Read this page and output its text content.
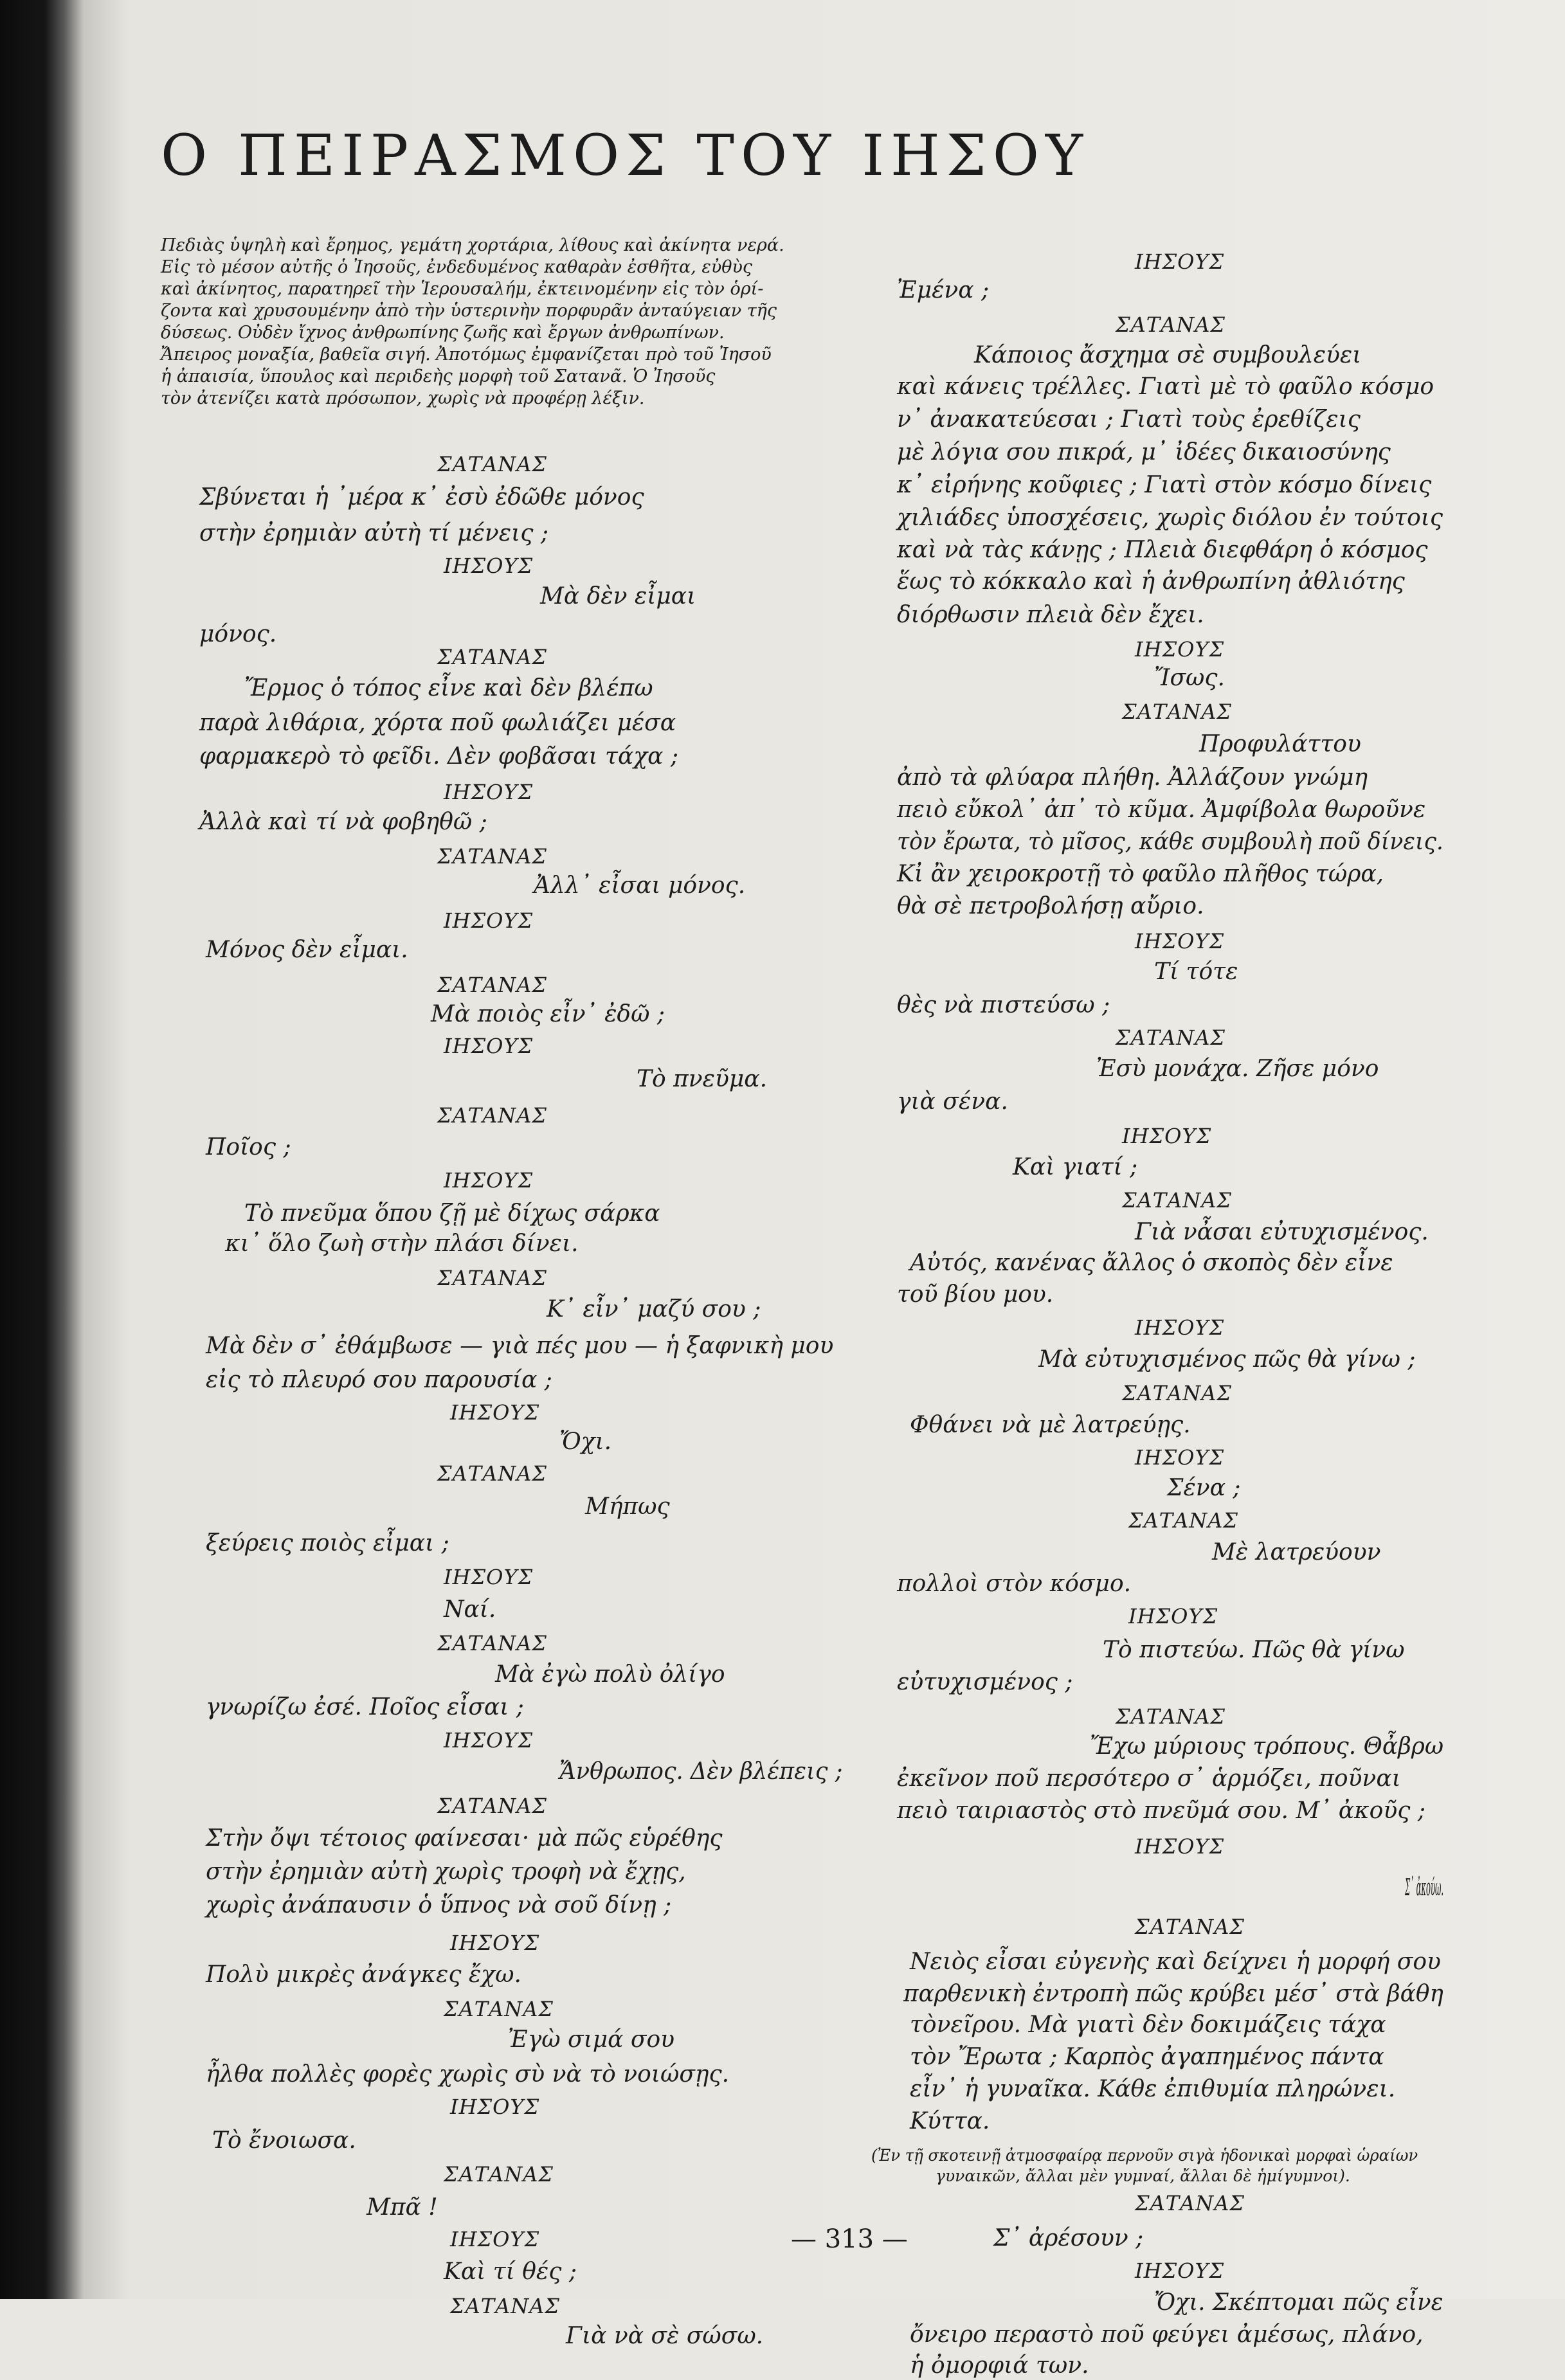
Ο ΠΕΙΡΑΣΜΟΣ ΤΟΥ ΙΗΣΟΥ
Πεδιὰς ὑψηλὴ καὶ ἔρημος, γεμάτη χορτάρια, λίθους καὶ ἀκίνητα νερά.
Εἰς τὸ μέσον αὐτῆς ὁ Ἰησοῦς, ἐνδεδυμένος καθαρὰν ἐσθῆτα, εὐθὺς
καὶ ἀκίνητος, παρατηρεῖ τὴν Ἱερουσαλήμ, ἐκτεινομένην εἰς τὸν ὁρί-
ζοντα καὶ χρυσουμένην ἀπὸ τὴν ὑστερινὴν πορφυρᾶν ἀνταύγειαν τῆς
δύσεως. Οὐδὲν ἴχνος ἀνθρωπίνης ζωῆς καὶ ἔργων ἀνθρωπίνων.
Ἄπειρος μοναξία, βαθεῖα σιγή. Ἀποτόμως ἐμφανίζεται πρὸ τοῦ Ἰησοῦ
ἡ ἀπαισία, ὕπουλος καὶ περιδεὴς μορφὴ τοῦ Σατανᾶ. Ὁ Ἰησοῦς
τὸν ἀτενίζει κατὰ πρόσωπον, χωρὶς νὰ προφέρῃ λέξιν.
ΣΑΤΑΝΑΣ
Σβύνεται ἡ ᾽μέρα κ᾽ ἐσὺ ἐδῶθε μόνος
στὴν ἐρημιὰν αὐτὴ τί μένεις ;
ΙΗΣΟΥΣ
Μὰ δὲν εἶμαι
μόνος.
ΣΑΤΑΝΑΣ
Ἔρμος ὁ τόπος εἶνε καὶ δὲν βλέπω
παρὰ λιθάρια, χόρτα ποῦ φωλιάζει μέσα
φαρμακερὸ τὸ φεῖδι. Δὲν φοβᾶσαι τάχα ;
ΙΗΣΟΥΣ
Ἀλλὰ καὶ τί νὰ φοβηθῶ ;
ΣΑΤΑΝΑΣ
Ἀλλ᾽ εἶσαι μόνος.
ΙΗΣΟΥΣ
Μόνος δὲν εἶμαι.
ΣΑΤΑΝΑΣ
Μὰ ποιὸς εἶν᾽ ἐδῶ ;
ΙΗΣΟΥΣ
Τὸ πνεῦμα.
ΣΑΤΑΝΑΣ
Ποῖος ;
ΙΗΣΟΥΣ
Τὸ πνεῦμα ὅπου ζῇ μὲ δίχως σάρκα
κι᾽ ὅλο ζωὴ στὴν πλάσι δίνει.
ΣΑΤΑΝΑΣ
Κ᾽ εἶν᾽ μαζύ σου ;
Μὰ δὲν σ᾽ ἐθάμβωσε — γιὰ πές μου — ἡ ξαφνικὴ μου
εἰς τὸ πλευρό σου παρουσία ;
ΙΗΣΟΥΣ
Ὄχι.
ΣΑΤΑΝΑΣ
Μήπως
ξεύρεις ποιὸς εἶμαι ;
ΙΗΣΟΥΣ
Ναί.
ΣΑΤΑΝΑΣ
Μὰ ἐγὼ πολὺ ὀλίγο
γνωρίζω ἐσέ. Ποῖος εἶσαι ;
ΙΗΣΟΥΣ
Ἄνθρωπος. Δὲν βλέπεις ;
ΣΑΤΑΝΑΣ
Στὴν ὄψι τέτοιος φαίνεσαι· μὰ πῶς εὑρέθης
στὴν ἐρημιὰν αὐτὴ χωρὶς τροφὴ νὰ ἔχῃς,
χωρὶς ἀνάπαυσιν ὁ ὕπνος νὰ σοῦ δίνῃ ;
ΙΗΣΟΥΣ
Πολὺ μικρὲς ἀνάγκες ἔχω.
ΣΑΤΑΝΑΣ
Ἐγὼ σιμά σου
ἦλθα πολλὲς φορὲς χωρὶς σὺ νὰ τὸ νοιώσῃς.
ΙΗΣΟΥΣ
Τὸ ἔνοιωσα.
ΣΑΤΑΝΑΣ
Μπᾶ !
ΙΗΣΟΥΣ
Καὶ τί θές ;
ΣΑΤΑΝΑΣ
Γιὰ νὰ σὲ σώσω.
ΙΗΣΟΥΣ
Ἐμένα ;
ΣΑΤΑΝΑΣ
Κάποιος ἄσχημα σὲ συμβουλεύει
καὶ κάνεις τρέλλες. Γιατὶ μὲ τὸ φαῦλο κόσμο
ν᾽ ἀνακατεύεσαι ; Γιατὶ τοὺς ἐρεθίζεις
μὲ λόγια σου πικρά, μ᾽ ἰδέες δικαιοσύνης
κ᾽ εἰρήνης κοῦφιες ; Γιατὶ στὸν κόσμο δίνεις
χιλιάδες ὑποσχέσεις, χωρὶς διόλου ἐν τούτοις
καὶ νὰ τὰς κάνῃς ; Πλειὰ διεφθάρη ὁ κόσμος
ἕως τὸ κόκκαλο καὶ ἡ ἀνθρωπίνη ἀθλιότης
διόρθωσιν πλειὰ δὲν ἔχει.
ΙΗΣΟΥΣ
Ἴσως.
ΣΑΤΑΝΑΣ
Προφυλάττου
ἀπὸ τὰ φλύαρα πλήθη. Ἀλλάζουν γνώμη
πειὸ εὔκολ᾽ ἀπ᾽ τὸ κῦμα. Ἀμφίβολα θωροῦνε
τὸν ἔρωτα, τὸ μῖσος, κάθε συμβουλὴ ποῦ δίνεις.
Κἰ ἂν χειροκροτῇ τὸ φαῦλο πλῆθος τώρα,
θὰ σὲ πετροβολήσῃ αὔριο.
ΙΗΣΟΥΣ
Τί τότε
θὲς νὰ πιστεύσω ;
ΣΑΤΑΝΑΣ
Ἐσὺ μονάχα. Ζῆσε μόνο
γιὰ σένα.
ΙΗΣΟΥΣ
Καὶ γιατί ;
ΣΑΤΑΝΑΣ
Γιὰ νἆσαι εὐτυχισμένος.
Αὐτός, κανένας ἄλλος ὁ σκοπὸς δὲν εἶνε
τοῦ βίου μου.
ΙΗΣΟΥΣ
Μὰ εὐτυχισμένος πῶς θὰ γίνω ;
ΣΑΤΑΝΑΣ
Φθάνει νὰ μὲ λατρεύῃς.
ΙΗΣΟΥΣ
Σένα ;
ΣΑΤΑΝΑΣ
Μὲ λατρεύουν
πολλοὶ στὸν κόσμο.
ΙΗΣΟΥΣ
Τὸ πιστεύω. Πῶς θὰ γίνω
εὐτυχισμένος ;
ΣΑΤΑΝΑΣ
Ἔχω μύριους τρόπους. Θἆβρω
ἐκεῖνον ποῦ περσότερο σ᾽ ἁρμόζει, ποῦναι
πειὸ ταιριαστὸς στὸ πνεῦμά σου. Μ᾽ ἀκοῦς ;
ΙΗΣΟΥΣ
Σ᾽ ἀκούω.
ΣΑΤΑΝΑΣ
Νειὸς εἶσαι εὐγενὴς καὶ δείχνει ἡ μορφή σου
παρθενικὴ ἐντροπὴ πῶς κρύβει μέσ᾽ στὰ βάθη
τὸνεῖρου. Μὰ γιατὶ δὲν δοκιμάζεις τάχα
τὸν Ἔρωτα ; Καρπὸς ἀγαπημένος πάντα
εἶν᾽ ἡ γυναῖκα. Κάθε ἐπιθυμία πληρώνει.
Κύττα.
(Ἐν τῇ σκοτεινῇ ἀτμοσφαίρᾳ περνοῦν σιγὰ ἡδονικαὶ μορφαὶ ὡραίων
γυναικῶν, ἄλλαι μὲν γυμναί, ἄλλαι δὲ ἡμίγυμνοι).
ΣΑΤΑΝΑΣ
Σ᾽ ἀρέσουν ;
ΙΗΣΟΥΣ
Ὄχι. Σκέπτομαι πῶς εἶνε
ὄνειρο περαστὸ ποῦ φεύγει ἀμέσως, πλάνο,
ἡ ὀμορφιά των.
— 313 —
